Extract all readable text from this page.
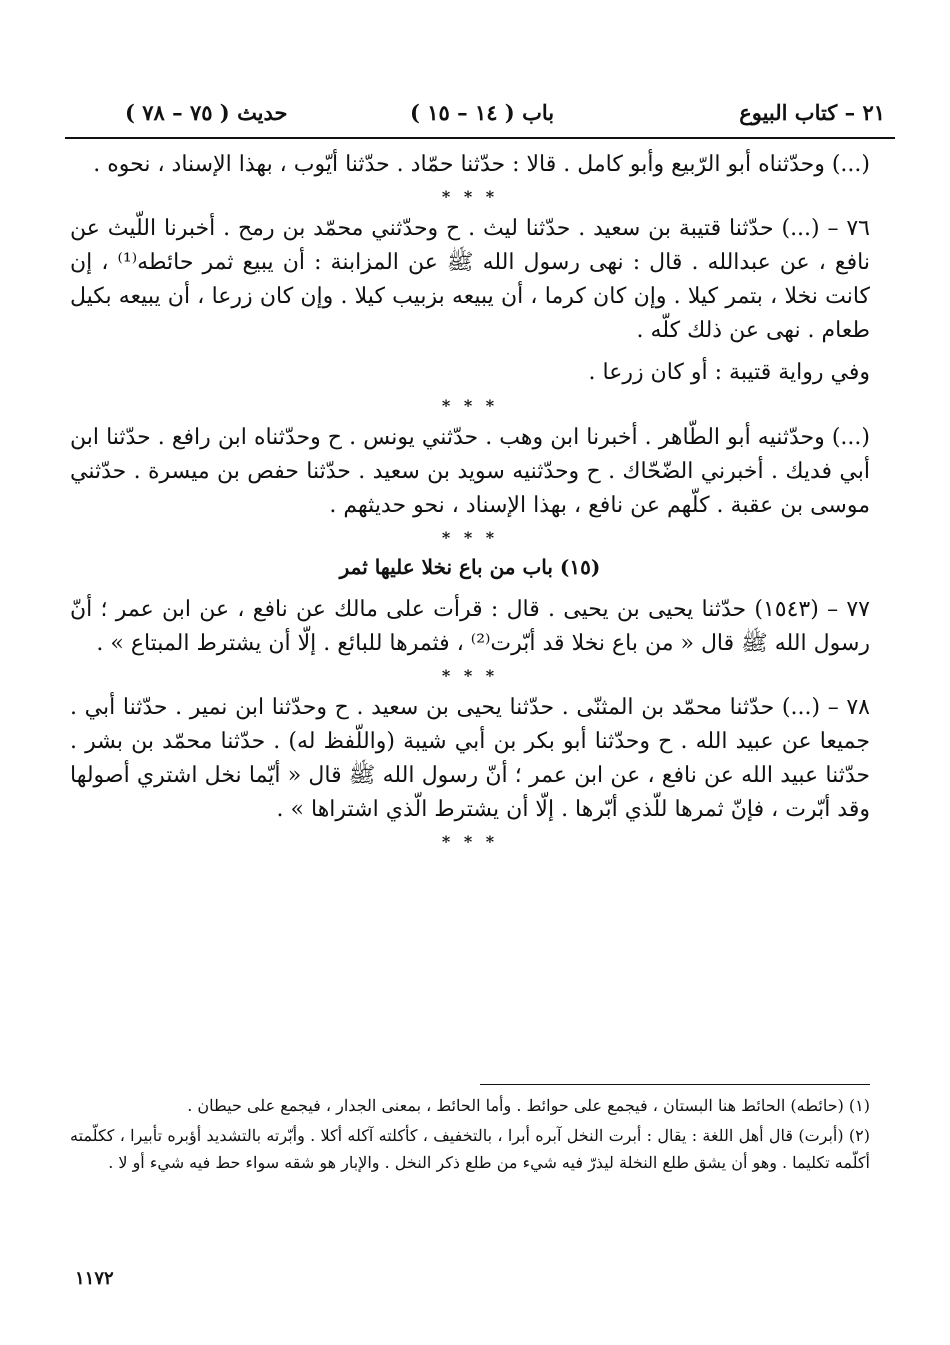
٢١ – كتاب البيوع
( ١٤ – ١٥ ) باب
( ٧٥ – ٧٨ ) حديث

(...) وحدّثناه أبو الرّبيع وأبو كامل . قالا : حدّثنا حمّاد . حدّثنا أيّوب ، بهذا الإسناد ، نحوه .

* * *

٧٦ – (...) حدّثنا قتيبة بن سعيد . حدّثنا ليث . ح وحدّثني محمّد بن رمح . أخبرنا اللّيث عن نافع ، عن عبدالله . قال : نهى رسول الله ﷺ عن المزابنة : أن يبيع ثمر حائطه⁽¹⁾ ، إن كانت نخلا ، بتمر كيلا . وإن كان كرما ، أن يبيعه بزبيب كيلا . وإن كان زرعا ، أن يبيعه بكيل طعام . نهى عن ذلك كلّه .

وفي رواية قتيبة : أو كان زرعا .

* * *

(...) وحدّثنيه أبو الطّاهر . أخبرنا ابن وهب . حدّثني يونس . ح وحدّثناه ابن رافع . حدّثنا ابن أبي فديك . أخبرني الضّحّاك . ح وحدّثنيه سويد بن سعيد . حدّثنا حفص بن ميسرة . حدّثني موسى بن عقبة . كلّهم عن نافع ، بهذا الإسناد ، نحو حديثهم .

* * *
(١٥) باب من باع نخلا عليها ثمر

٧٧ – (١٥٤٣) حدّثنا يحيى بن يحيى . قال : قرأت على مالك عن نافع ، عن ابن عمر ؛ أنّ رسول الله ﷺ قال « من باع نخلا قد أبّرت⁽²⁾ ، فثمرها للبائع . إلّا أن يشترط المبتاع » .

* * *

٧٨ – (...) حدّثنا محمّد بن المثنّى . حدّثنا يحيى بن سعيد . ح وحدّثنا ابن نمير . حدّثنا أبي . جميعا عن عبيد الله . ح وحدّثنا أبو بكر بن أبي شيبة (واللّفظ له) . حدّثنا محمّد بن بشر . حدّثنا عبيد الله عن نافع ، عن ابن عمر ؛ أنّ رسول الله ﷺ قال « أيّما نخل اشتري أصولها وقد أبّرت ، فإنّ ثمرها للّذي أبّرها . إلّا أن يشترط الّذي اشتراها » .

* * *

(١) (حائطه) الحائط هنا البستان ، فيجمع على حوائط . وأما الحائط ، بمعنى الجدار ، فيجمع على حيطان .

(٢) (أبرت) قال أهل اللغة : يقال : أبرت النخل آبره أبرا ، بالتخفيف ، كأكلته آكله أكلا . وأبّرته بالتشديد أؤبره تأبيرا ، ككلّمته أكلّمه تكليما . وهو أن يشق طلع النخلة ليذرّ فيه شيء من طلع ذكر النخل . والإبار هو شقه سواء حط فيه شيء أو لا .

١١٧٢
